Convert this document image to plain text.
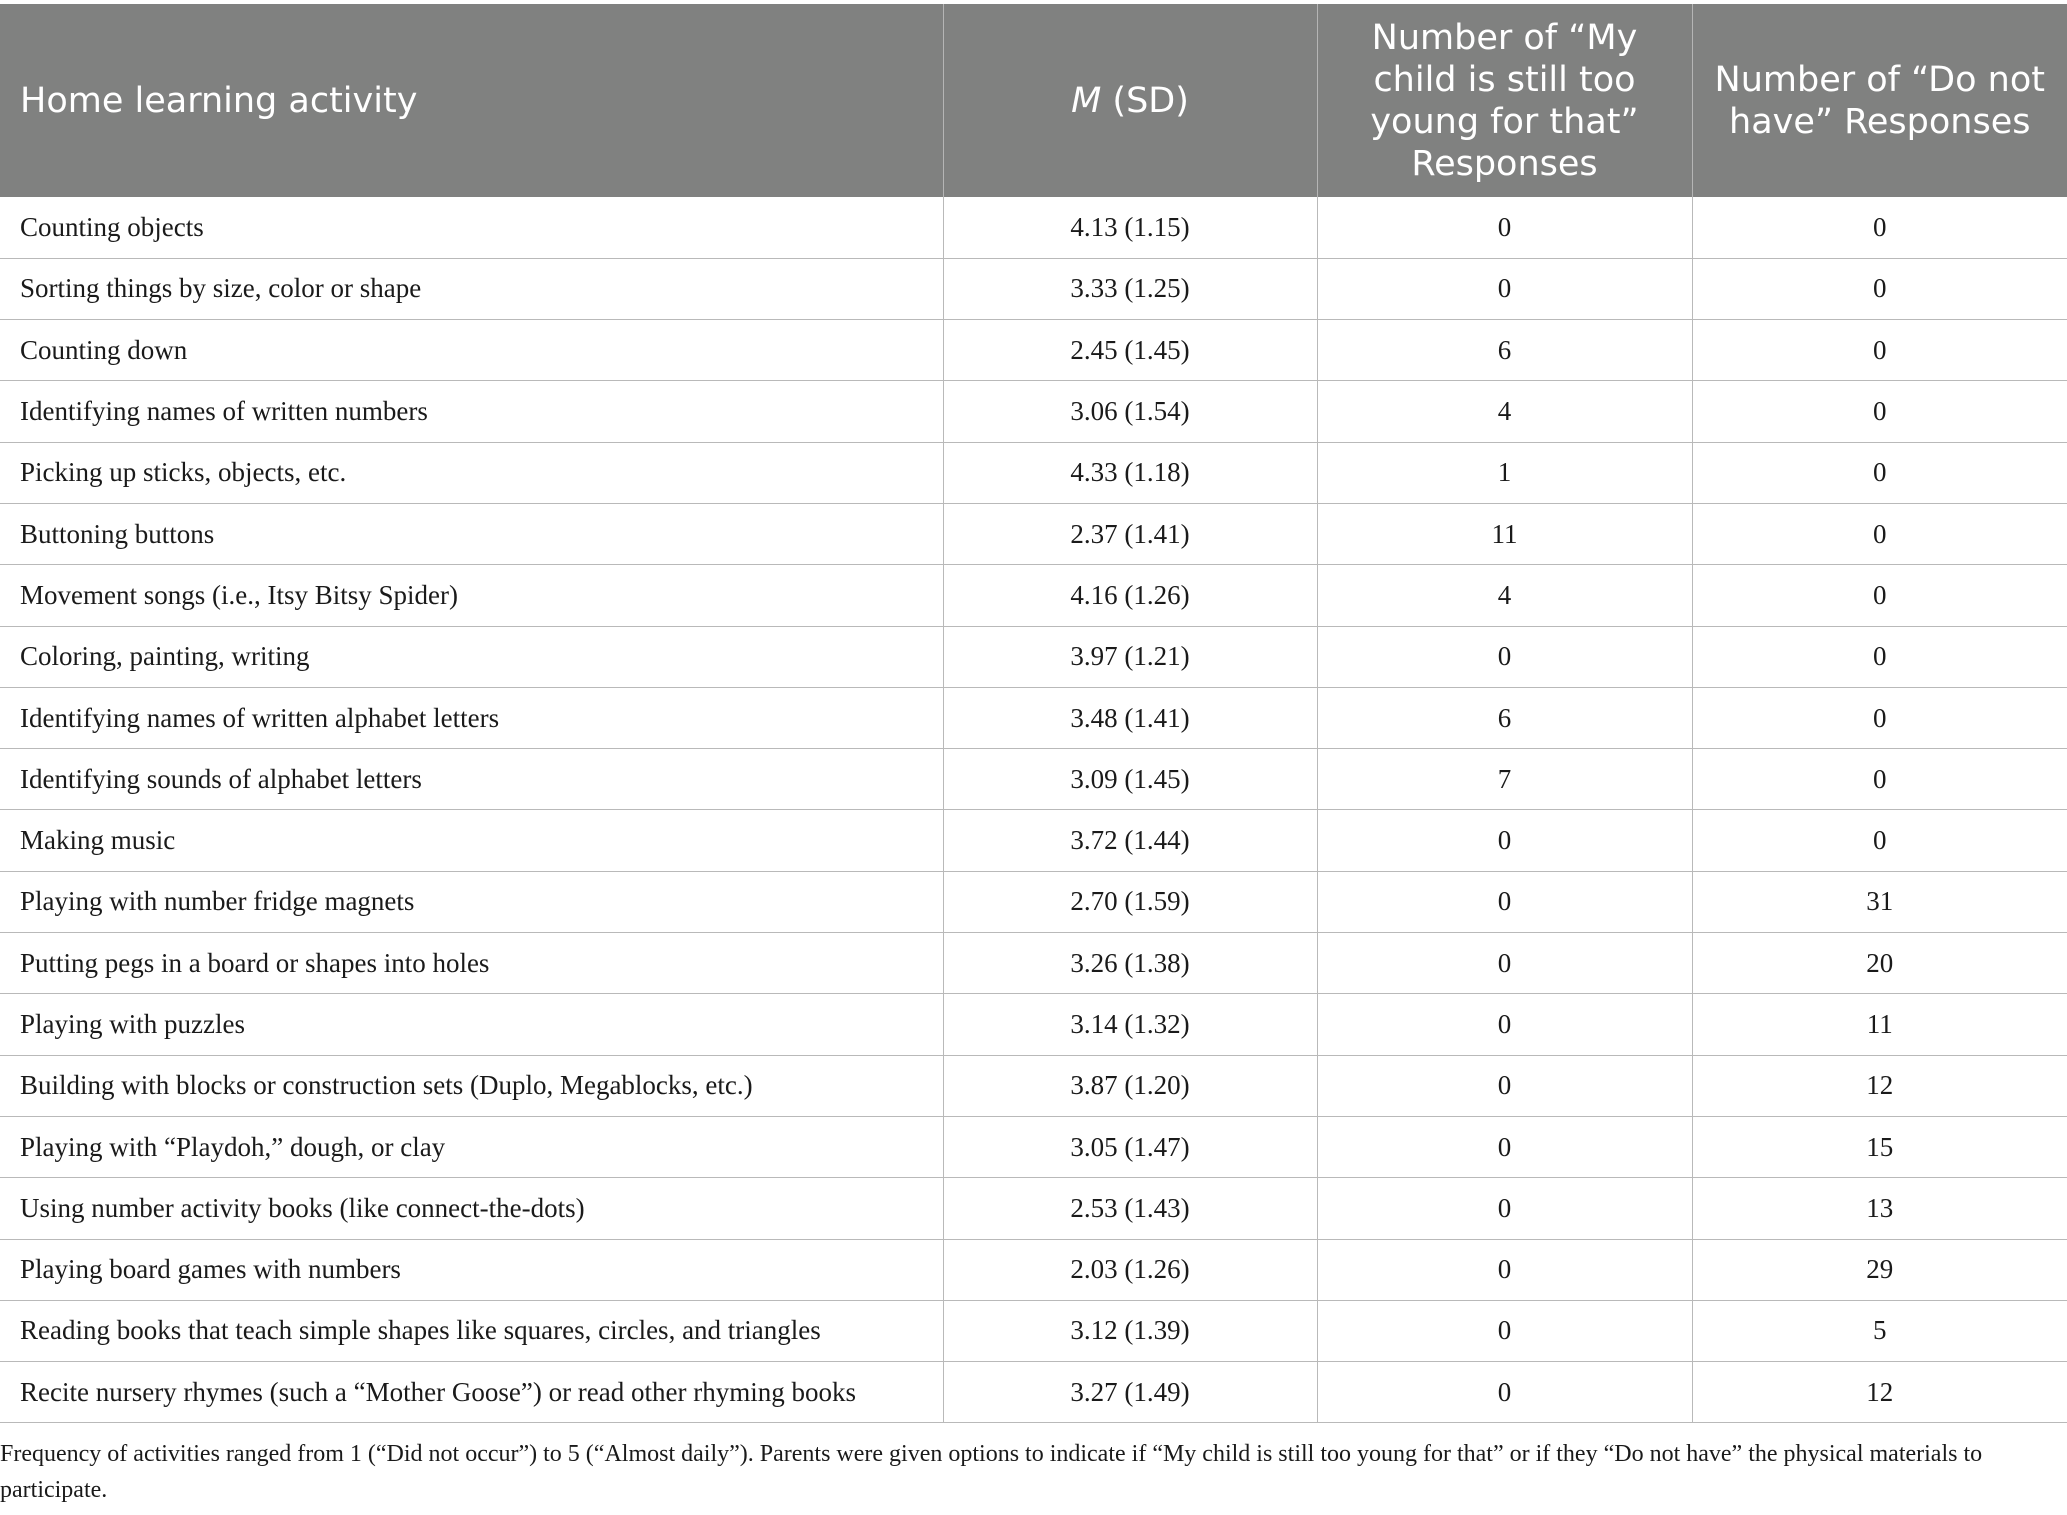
Home learning activity	M (SD)	Number of “My child is still too young for that” Responses	Number of “Do not have” Responses
Counting objects	4.13 (1.15)	0	0
Sorting things by size, color or shape	3.33 (1.25)	0	0
Counting down	2.45 (1.45)	6	0
Identifying names of written numbers	3.06 (1.54)	4	0
Picking up sticks, objects, etc.	4.33 (1.18)	1	0
Buttoning buttons	2.37 (1.41)	11	0
Movement songs (i.e., Itsy Bitsy Spider)	4.16 (1.26)	4	0
Coloring, painting, writing	3.97 (1.21)	0	0
Identifying names of written alphabet letters	3.48 (1.41)	6	0
Identifying sounds of alphabet letters	3.09 (1.45)	7	0
Making music	3.72 (1.44)	0	0
Playing with number fridge magnets	2.70 (1.59)	0	31
Putting pegs in a board or shapes into holes	3.26 (1.38)	0	20
Playing with puzzles	3.14 (1.32)	0	11
Building with blocks or construction sets (Duplo, Megablocks, etc.)	3.87 (1.20)	0	12
Playing with “Playdoh,” dough, or clay	3.05 (1.47)	0	15
Using number activity books (like connect-the-dots)	2.53 (1.43)	0	13
Playing board games with numbers	2.03 (1.26)	0	29
Reading books that teach simple shapes like squares, circles, and triangles	3.12 (1.39)	0	5
Recite nursery rhymes (such a “Mother Goose”) or read other rhyming books	3.27 (1.49)	0	12
Frequency of activities ranged from 1 (“Did not occur”) to 5 (“Almost daily”). Parents were given options to indicate if “My child is still too young for that” or if they “Do not have” the physical materials to participate.
